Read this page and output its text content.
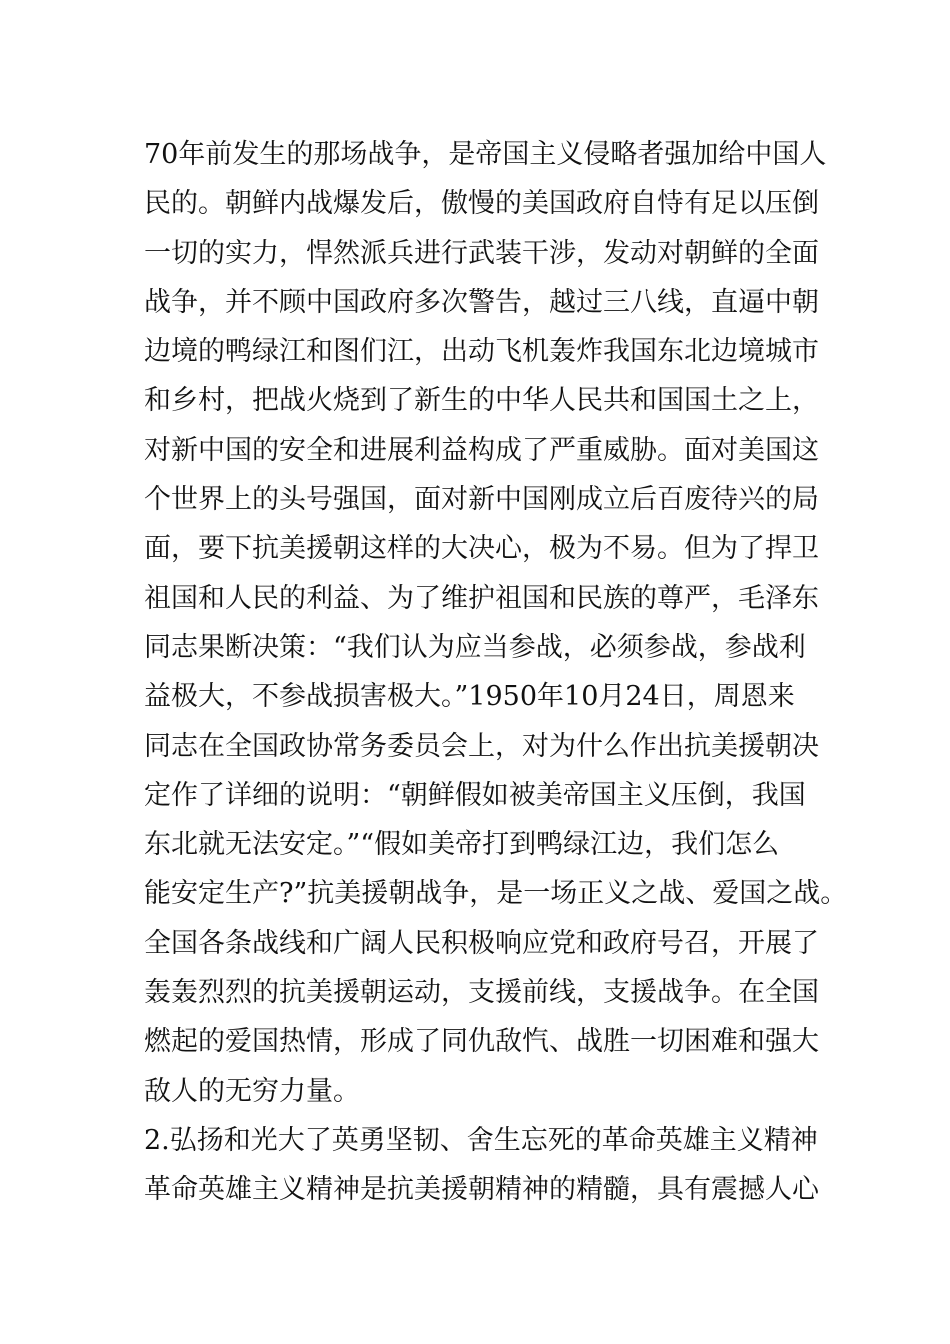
70年前发生的那场战争，是帝国主义侵略者强加给中国人
民的。朝鲜内战爆发后，傲慢的美国政府自恃有足以压倒
一切的实力，悍然派兵进行武装干涉，发动对朝鲜的全面
战争，并不顾中国政府多次警告，越过三八线，直逼中朝
边境的鸭绿江和图们江，出动飞机轰炸我国东北边境城市
和乡村，把战火烧到了新生的中华人民共和国国土之上，
对新中国的安全和进展利益构成了严重威胁。面对美国这
个世界上的头号强国，面对新中国刚成立后百废待兴的局
面，要下抗美援朝这样的大决心，极为不易。但为了捍卫
祖国和人民的利益、为了维护祖国和民族的尊严，毛泽东
同志果断决策：“我们认为应当参战，必须参战，参战利
益极大，不参战损害极大。”1950年10月24日，周恩来
同志在全国政协常务委员会上，对为什么作出抗美援朝决
定作了详细的说明：“朝鲜假如被美帝国主义压倒，我国
东北就无法安定。”“假如美帝打到鸭绿江边，我们怎么
能安定生产?”抗美援朝战争，是一场正义之战、爱国之战。
全国各条战线和广阔人民积极响应党和政府号召，开展了
轰轰烈烈的抗美援朝运动，支援前线，支援战争。在全国
燃起的爱国热情，形成了同仇敌忾、战胜一切困难和强大
敌人的无穷力量。
2.弘扬和光大了英勇坚韧、舍生忘死的革命英雄主义精神
革命英雄主义精神是抗美援朝精神的精髓，具有震撼人心
